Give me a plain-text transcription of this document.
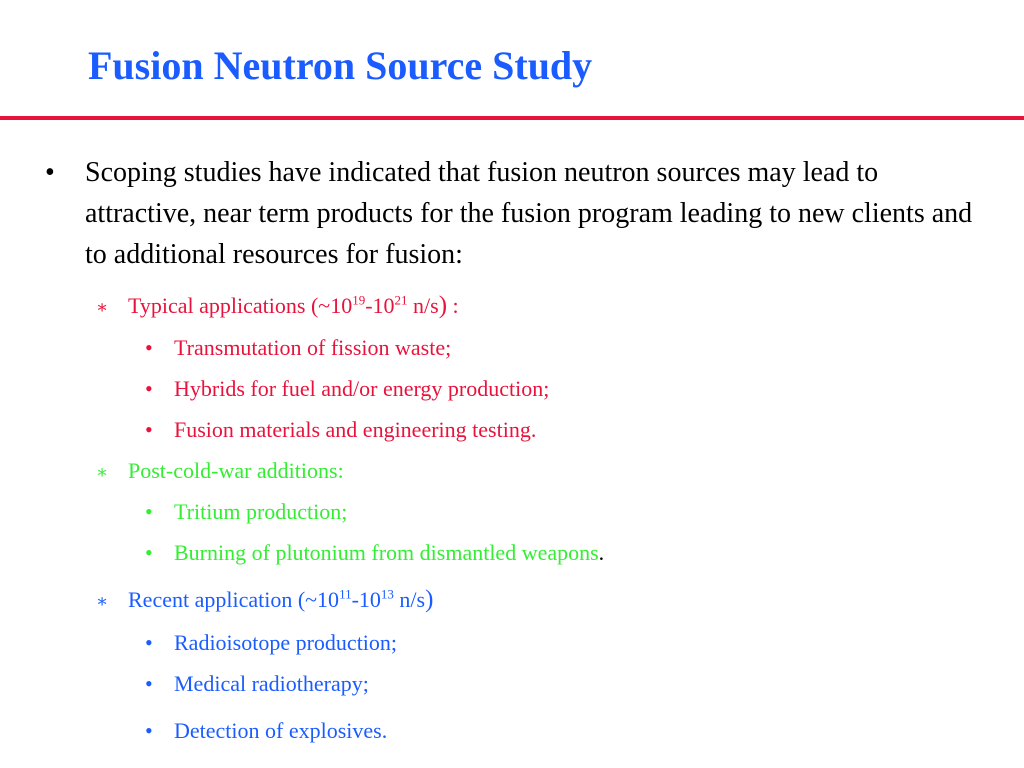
Fusion Neutron Source Study
• Scoping studies have indicated that fusion neutron sources may lead to attractive, near term products for the fusion program leading to new clients and to additional resources for fusion:
∗ Typical applications ($\sim 10^{19}-10^{21}$ n/s) :
• Transmutation of fission waste;
• Hybrids for fuel and/or energy production;
• Fusion materials and engineering testing.
∗ Post-cold-war additions:
• Tritium production;
• Burning of plutonium from dismantled weapons.
∗ Recent application ($\sim 10^{11}-10^{13}$ n/s)
• Radioisotope production;
• Medical radiotherapy;
• Detection of explosives.
